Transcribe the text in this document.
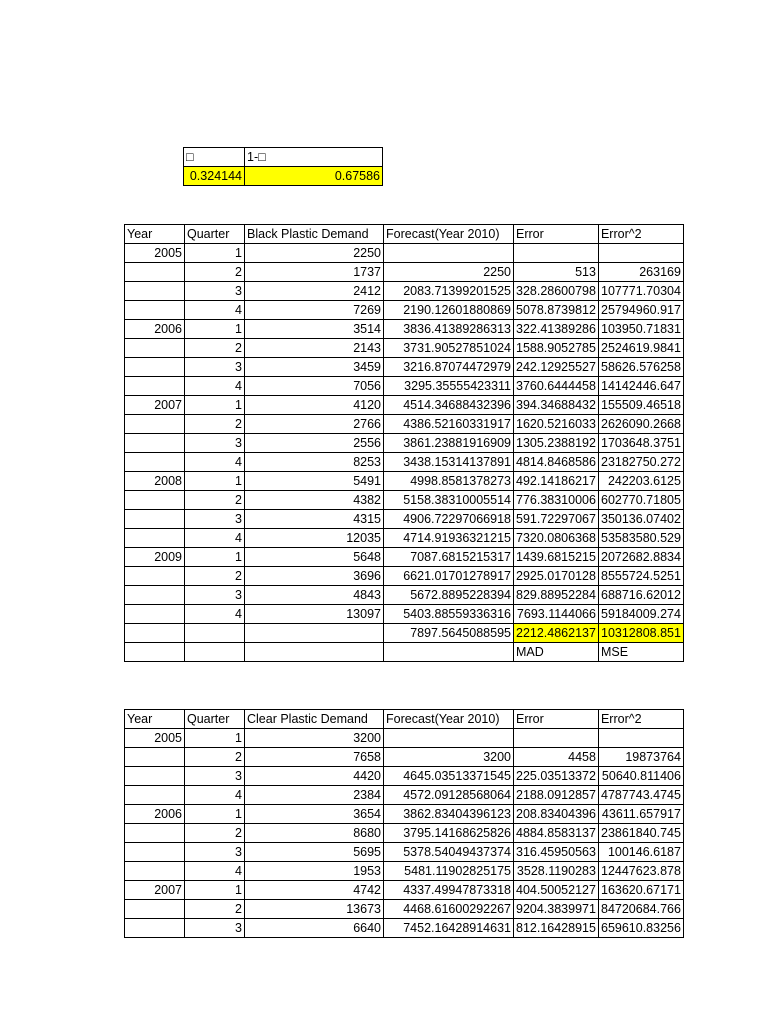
□	1-□
0.324144	0.67586
Year	Quarter	Black Plastic Demand	Forecast(Year 2010)	Error	Error^2
2005	1	2250			
	2	1737	2250	513	263169
	3	2412	2083.71399201525	328.28600798	107771.70304
	4	7269	2190.12601880869	5078.8739812	25794960.917
2006	1	3514	3836.41389286313	322.41389286	103950.71831
	2	2143	3731.90527851024	1588.9052785	2524619.9841
	3	3459	3216.87074472979	242.12925527	58626.576258
	4	7056	3295.35555423311	3760.6444458	14142446.647
2007	1	4120	4514.34688432396	394.34688432	155509.46518
	2	2766	4386.52160331917	1620.5216033	2626090.2668
	3	2556	3861.23881916909	1305.2388192	1703648.3751
	4	8253	3438.15314137891	4814.8468586	23182750.272
2008	1	5491	4998.8581378273	492.14186217	242203.6125
	2	4382	5158.38310005514	776.38310006	602770.71805
	3	4315	4906.72297066918	591.72297067	350136.07402
	4	12035	4714.91936321215	7320.0806368	53583580.529
2009	1	5648	7087.6815215317	1439.6815215	2072682.8834
	2	3696	6621.01701278917	2925.0170128	8555724.5251
	3	4843	5672.8895228394	829.88952284	688716.62012
	4	13097	5403.88559336316	7693.1144066	59184009.274
			7897.5645088595	2212.4862137	10312808.851
				MAD	MSE
Year	Quarter	Clear Plastic Demand	Forecast(Year 2010)	Error	Error^2
2005	1	3200			
	2	7658	3200	4458	19873764
	3	4420	4645.03513371545	225.03513372	50640.811406
	4	2384	4572.09128568064	2188.0912857	4787743.4745
2006	1	3654	3862.83404396123	208.83404396	43611.657917
	2	8680	3795.14168625826	4884.8583137	23861840.745
	3	5695	5378.54049437374	316.45950563	100146.6187
	4	1953	5481.11902825175	3528.1190283	12447623.878
2007	1	4742	4337.49947873318	404.50052127	163620.67171
	2	13673	4468.61600292267	9204.3839971	84720684.766
	3	6640	7452.16428914631	812.16428915	659610.83256
